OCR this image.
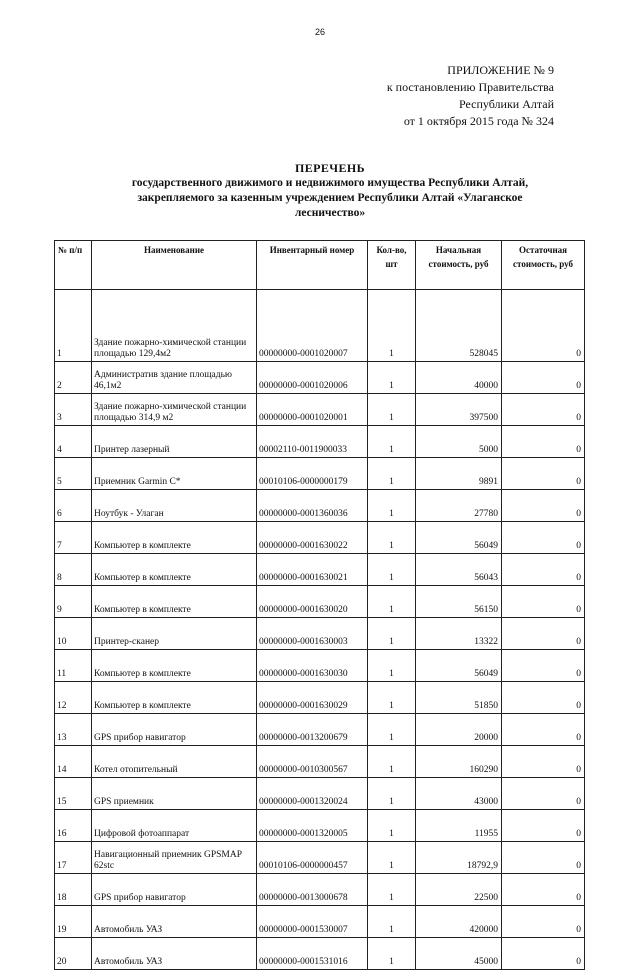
26
ПРИЛОЖЕНИЕ № 9
к постановлению Правительства
Республики Алтай
от 1 октября 2015 года № 324
ПЕРЕЧЕНЬ
государственного движимого и недвижимого имущества Республики Алтай,
закрепляемого за казенным учреждением Республики Алтай «Улаганское
лесничество»
№ п/п	Наименование	Инвентарный номер	Кол-во, шт	Начальная стоимость, руб	Остаточная стоимость, руб
1	Здание пожарно-химической станции площадью 129,4м2	00000000-0001020007	1	528045	0
2	Административ здание площадью 46,1м2	00000000-0001020006	1	40000	0
3	Здание пожарно-химической станции площадью 314,9 м2	00000000-0001020001	1	397500	0
4	Принтер лазерный	00002110-0011900033	1	5000	0
5	Приемник Garmin C*	00010106-0000000179	1	9891	0
6	Ноутбук - Улаган	00000000-0001360036	1	27780	0
7	Компьютер в комплекте	00000000-0001630022	1	56049	0
8	Компьютер в комплекте	00000000-0001630021	1	56043	0
9	Компьютер в комплекте	00000000-0001630020	1	56150	0
10	Принтер-сканер	00000000-0001630003	1	13322	0
11	Компьютер в комплекте	00000000-0001630030	1	56049	0
12	Компьютер в комплекте	00000000-0001630029	1	51850	0
13	GPS прибор навигатор	00000000-0013200679	1	20000	0
14	Котел отопительный	00000000-0010300567	1	160290	0
15	GPS приемник	00000000-0001320024	1	43000	0
16	Цифровой фотоаппарат	00000000-0001320005	1	11955	0
17	Навигационный приемник GPSMAP 62stc	00010106-0000000457	1	18792,9	0
18	GPS прибор навигатор	00000000-0013000678	1	22500	0
19	Автомобиль УАЗ	00000000-0001530007	1	420000	0
20	Автомобиль УАЗ	00000000-0001531016	1	45000	0
